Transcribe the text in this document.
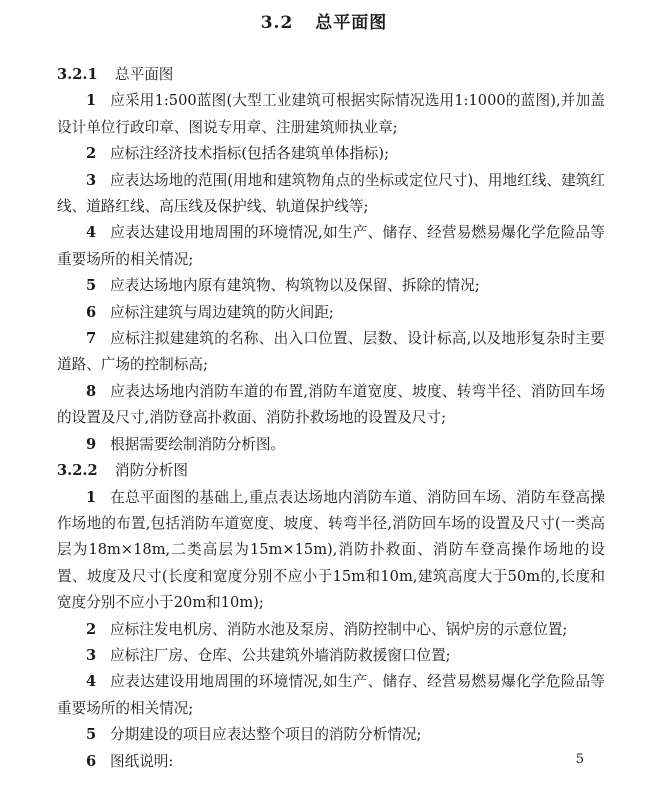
3.2 总平面图

3.2.1 总平面图

1 应采用1:500蓝图(大型工业建筑可根据实际情况选用1:1000的蓝图),并加盖设计单位行政印章、图说专用章、注册建筑师执业章;

2 应标注经济技术指标(包括各建筑单体指标);

3 应表达场地的范围(用地和建筑物角点的坐标或定位尺寸)、用地红线、建筑红线、道路红线、高压线及保护线、轨道保护线等;

4 应表达建设用地周围的环境情况,如生产、储存、经营易燃易爆化学危险品等重要场所的相关情况;

5 应表达场地内原有建筑物、构筑物以及保留、拆除的情况;

6 应标注建筑与周边建筑的防火间距;

7 应标注拟建建筑的名称、出入口位置、层数、设计标高,以及地形复杂时主要道路、广场的控制标高;

8 应表达场地内消防车道的布置,消防车道宽度、坡度、转弯半径、消防回车场的设置及尺寸,消防登高扑救面、消防扑救场地的设置及尺寸;

9 根据需要绘制消防分析图。

3.2.2 消防分析图

1 在总平面图的基础上,重点表达场地内消防车道、消防回车场、消防车登高操作场地的布置,包括消防车道宽度、坡度、转弯半径,消防回车场的设置及尺寸(一类高层为18m×18m,二类高层为15m×15m),消防扑救面、消防车登高操作场地的设置、坡度及尺寸(长度和宽度分别不应小于15m和10m,建筑高度大于50m的,长度和宽度分别不应小于20m和10m);

2 应标注发电机房、消防水池及泵房、消防控制中心、锅炉房的示意位置;

3 应标注厂房、仓库、公共建筑外墙消防救援窗口位置;

4 应表达建设用地周围的环境情况,如生产、储存、经营易燃易爆化学危险品等重要场所的相关情况;

5 分期建设的项目应表达整个项目的消防分析情况;

6 图纸说明:	5
